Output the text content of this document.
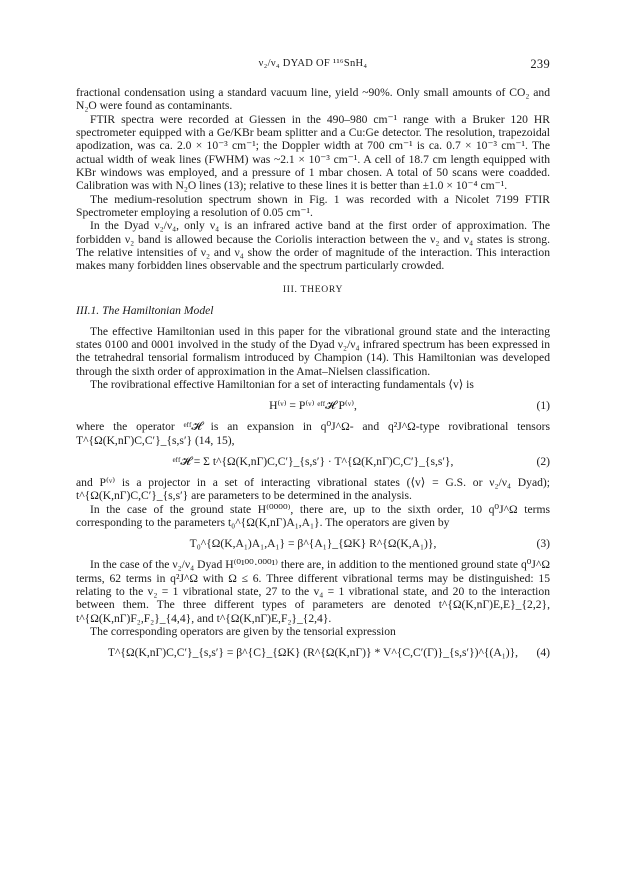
ν₂/ν₄ DYAD OF ¹¹⁶SnH₄	239

fractional condensation using a standard vacuum line, yield ~90%. Only small amounts of CO₂ and N₂O were found as contaminants.

FTIR spectra were recorded at Giessen in the 490–980 cm⁻¹ range with a Bruker 120 HR spectrometer equipped with a Ge/KBr beam splitter and a Cu:Ge detector. The resolution, trapezoidal apodization, was ca. 2.0 × 10⁻³ cm⁻¹; the Doppler width at 700 cm⁻¹ is ca. 0.7 × 10⁻³ cm⁻¹. The actual width of weak lines (FWHM) was ~2.1 × 10⁻³ cm⁻¹. A cell of 18.7 cm length equipped with KBr windows was employed, and a pressure of 1 mbar chosen. A total of 50 scans were coadded. Calibration was with N₂O lines (13); relative to these lines it is better than ±1.0 × 10⁻⁴ cm⁻¹.

The medium-resolution spectrum shown in Fig. 1 was recorded with a Nicolet 7199 FTIR Spectrometer employing a resolution of 0.05 cm⁻¹.

In the Dyad ν₂/ν₄, only ν₄ is an infrared active band at the first order of approximation. The forbidden ν₂ band is allowed because the Coriolis interaction between the ν₂ and ν₄ states is strong. The relative intensities of ν₂ and ν₄ show the order of magnitude of the interaction. This interaction makes many forbidden lines observable and the spectrum particularly crowded.

III. THEORY
III.1. The Hamiltonian Model

The effective Hamiltonian used in this paper for the vibrational ground state and the interacting states 0100 and 0001 involved in the study of the Dyad ν₂/ν₄ infrared spectrum has been expressed in the tetrahedral tensorial formalism introduced by Champion (14). This Hamiltonian was developed through the sixth order of approximation in the Amat–Nielsen classification.

The rovibrational effective Hamiltonian for a set of interacting fundamentals ⟨v⟩ is

H⁽ᵛ⁾ = P⁽ᵛ⁾ ᵉᶠᶠ𝓗 P⁽ᵛ⁾,	(1)

where the operator ᵉᶠᶠ𝓗 is an expansion in q⁰J^Ω- and q²J^Ω-type rovibrational tensors T^{Ω(K,nΓ)C,C′}_{s,s′} (14, 15),

ᵉᶠᶠ𝓗 = Σ t^{Ω(K,nΓ)C,C′}_{s,s′} · T^{Ω(K,nΓ)C,C′}_{s,s′},	(2)

and P⁽ᵛ⁾ is a projector in a set of interacting vibrational states (⟨v⟩ = G.S. or ν₂/ν₄ Dyad); t^{Ω(K,nΓ)C,C′}_{s,s′} are parameters to be determined in the analysis.

In the case of the ground state H⁽⁰⁰⁰⁰⁾, there are, up to the sixth order, 10 q⁰J^Ω terms corresponding to the parameters t₀^{Ω(K,nΓ)A₁,A₁}. The operators are given by

T₀^{Ω(K,A₁)A₁,A₁} = β^{A₁}_{ΩK} R^{Ω(K,A₁)},	(3)

In the case of the ν₂/ν₄ Dyad H⁽⁰¹⁰⁰·⁰⁰⁰¹⁾ there are, in addition to the mentioned ground state q⁰J^Ω terms, 62 terms in q²J^Ω with Ω ≤ 6. Three different vibrational terms may be distinguished: 15 relating to the v₂ = 1 vibrational state, 27 to the v₄ = 1 vibrational state, and 20 to the interaction between them. The three different types of parameters are denoted t^{Ω(K,nΓ)E,E}_{2,2}, t^{Ω(K,nΓ)F₂,F₂}_{4,4}, and t^{Ω(K,nΓ)E,F₂}_{2,4}.

The corresponding operators are given by the tensorial expression

T^{Ω(K,nΓ)C,C′}_{s,s′} = β^{C}_{ΩK} (R^{Ω(K,nΓ)} * V^{C,C′(Γ)}_{s,s′})^{(A₁)}, (4)
